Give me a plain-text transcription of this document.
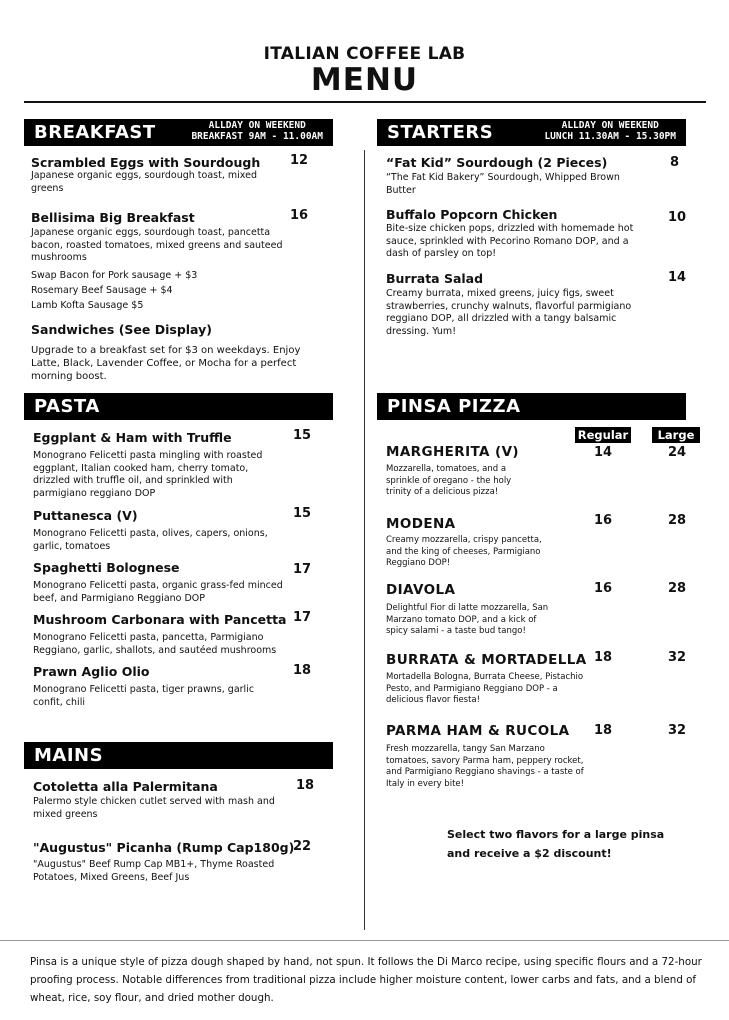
ITALIAN COFFEE LAB
MENU
BREAKFAST	ALLDAY ON WEEKEND
BREAKFAST 9AM - 11.00AM
Scrambled Eggs with Sourdough 12
Japanese organic eggs, sourdough toast, mixed greens
Bellisima Big Breakfast	16
Japanese organic eggs, sourdough toast, pancetta bacon, roasted tomatoes, mixed greens and sauteed mushrooms
Swap Bacon for Pork sausage + $3
Rosemary Beef Sausage + $4
Lamb Kofta Sausage $5
Sandwiches (See Display)
Upgrade to a breakfast set for $3 on weekdays. Enjoy Latte, Black, Lavender Coffee, or Mocha for a perfect morning boost.
PASTA
Eggplant & Ham with Truffle	15
Monograno Felicetti pasta mingling with roasted eggplant, Italian cooked ham, cherry tomato, drizzled with truffle oil, and sprinkled with parmigiano reggiano DOP
Puttanesca (V)	15
Monograno Felicetti pasta, olives, capers, onions, garlic, tomatoes
Spaghetti Bolognese	17
Monograno Felicetti pasta, organic grass-fed minced beef, and Parmigiano Reggiano DOP
Mushroom Carbonara with Pancetta 17
Monograno Felicetti pasta, pancetta, Parmigiano Reggiano, garlic, shallots, and sautéed mushrooms
Prawn Aglio Olio	18
Monograno Felicetti pasta, tiger prawns, garlic confit, chili
MAINS
Cotoletta alla Palermitana	18
Palermo style chicken cutlet served with mash and mixed greens
"Augustus" Picanha (Rump Cap180g)
22
"Augustus" Beef Rump Cap MB1+, Thyme Roasted Potatoes, Mixed Greens, Beef Jus
STARTERS	ALLDAY ON WEEKEND
LUNCH 11.30AM - 15.30PM
“Fat Kid” Sourdough (2 Pieces)	8
“The Fat Kid Bakery” Sourdough, Whipped Brown Butter
Buffalo Popcorn Chicken	10
Bite-size chicken pops, drizzled with homemade hot sauce, sprinkled with Pecorino Romano DOP, and a dash of parsley on top!
Burrata Salad	14
Creamy burrata, mixed greens, juicy figs, sweet strawberries, crunchy walnuts, flavorful parmigiano reggiano DOP, all drizzled with a tangy balsamic dressing. Yum!
PINSA PIZZA
Regular	Large
MARGHERITA (V)	14	24
Mozzarella, tomatoes, and a sprinkle of oregano - the holy trinity of a delicious pizza!
MODENA	16	28
Creamy mozzarella, crispy pancetta, and the king of cheeses, Parmigiano Reggiano DOP!
DIAVOLA	16	28
Delightful Fior di latte mozzarella, San Marzano tomato DOP, and a kick of spicy salami - a taste bud tango!
BURRATA & MORTADELLA 18	32
Mortadella Bologna, Burrata Cheese, Pistachio Pesto, and Parmigiano Reggiano DOP - a delicious flavor fiesta!
PARMA HAM & RUCOLA 18	32
Fresh mozzarella, tangy San Marzano tomatoes, savory Parma ham, peppery rocket, and Parmigiano Reggiano shavings - a taste of Italy in every bite!
Select two flavors for a large pinsa and receive a $2 discount!
Pinsa is a unique style of pizza dough shaped by hand, not spun. It follows the Di Marco recipe, using specific flours and a 72-hour proofing process. Notable differences from traditional pizza include higher moisture content, lower carbs and fats, and a blend of wheat, rice, soy flour, and dried mother dough.
